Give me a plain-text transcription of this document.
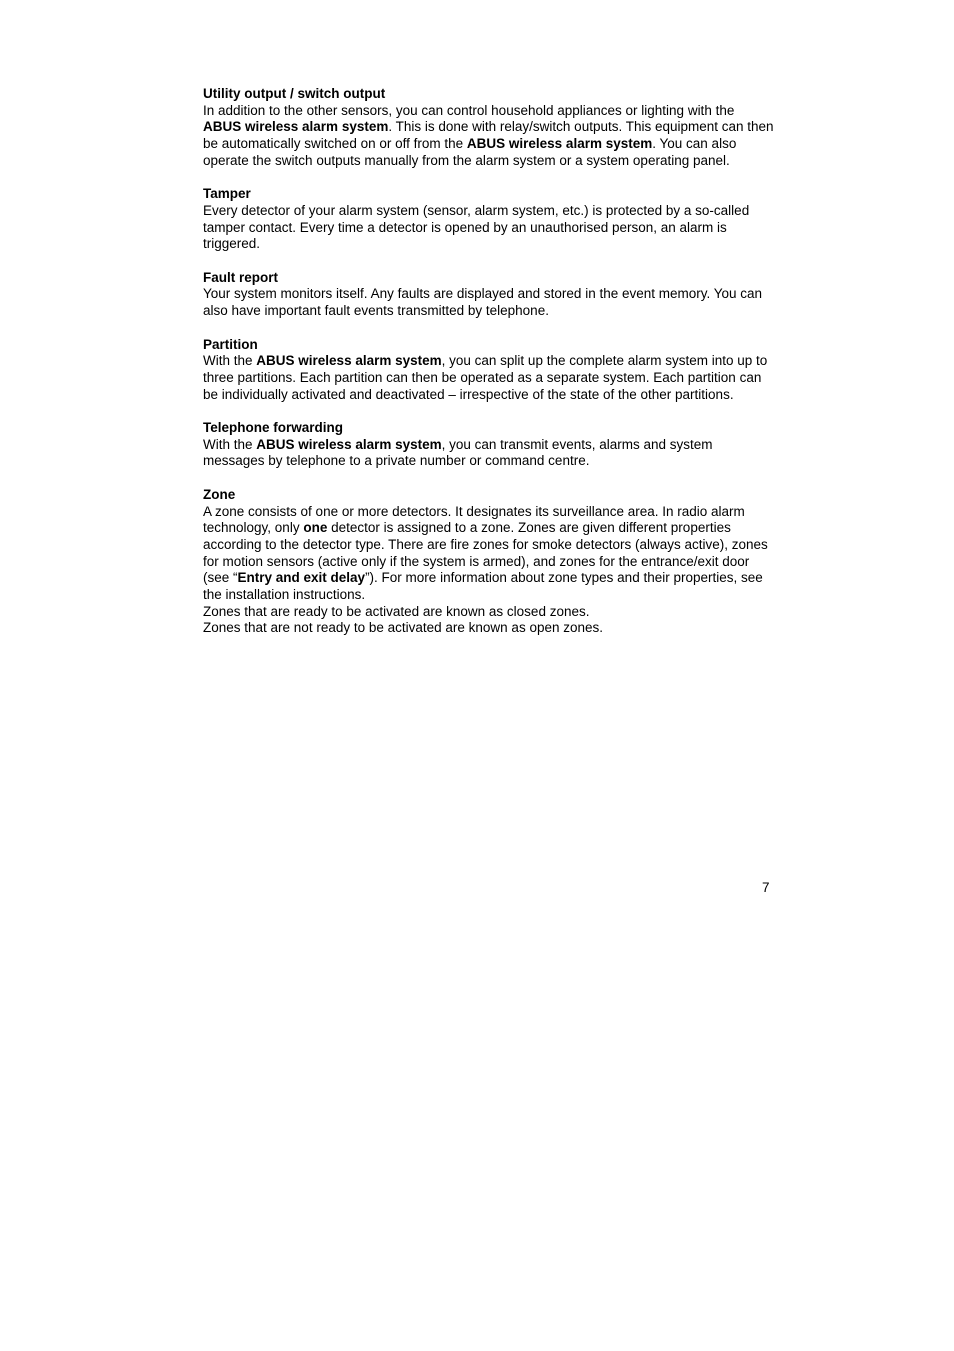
Utility output / switch output

In addition to the other sensors, you can control household appliances or lighting with the ABUS wireless alarm system. This is done with relay/switch outputs. This equipment can then be automatically switched on or off from the ABUS wireless alarm system. You can also operate the switch outputs manually from the alarm system or a system operating panel.

Tamper

Every detector of your alarm system (sensor, alarm system, etc.) is protected by a so-called tamper contact. Every time a detector is opened by an unauthorised person, an alarm is triggered.

Fault report

Your system monitors itself. Any faults are displayed and stored in the event memory. You can also have important fault events transmitted by telephone.

Partition

With the ABUS wireless alarm system, you can split up the complete alarm system into up to three partitions. Each partition can then be operated as a separate system. Each partition can be individually activated and deactivated – irrespective of the state of the other partitions.

Telephone forwarding

With the ABUS wireless alarm system, you can transmit events, alarms and system messages by telephone to a private number or command centre.

Zone

A zone consists of one or more detectors. It designates its surveillance area. In radio alarm technology, only one detector is assigned to a zone. Zones are given different properties according to the detector type. There are fire zones for smoke detectors (always active), zones for motion sensors (active only if the system is armed), and zones for the entrance/exit door (see “Entry and exit delay”). For more information about zone types and their properties, see the installation instructions.

Zones that are ready to be activated are known as closed zones.

Zones that are not ready to be activated are known as open zones.

7
